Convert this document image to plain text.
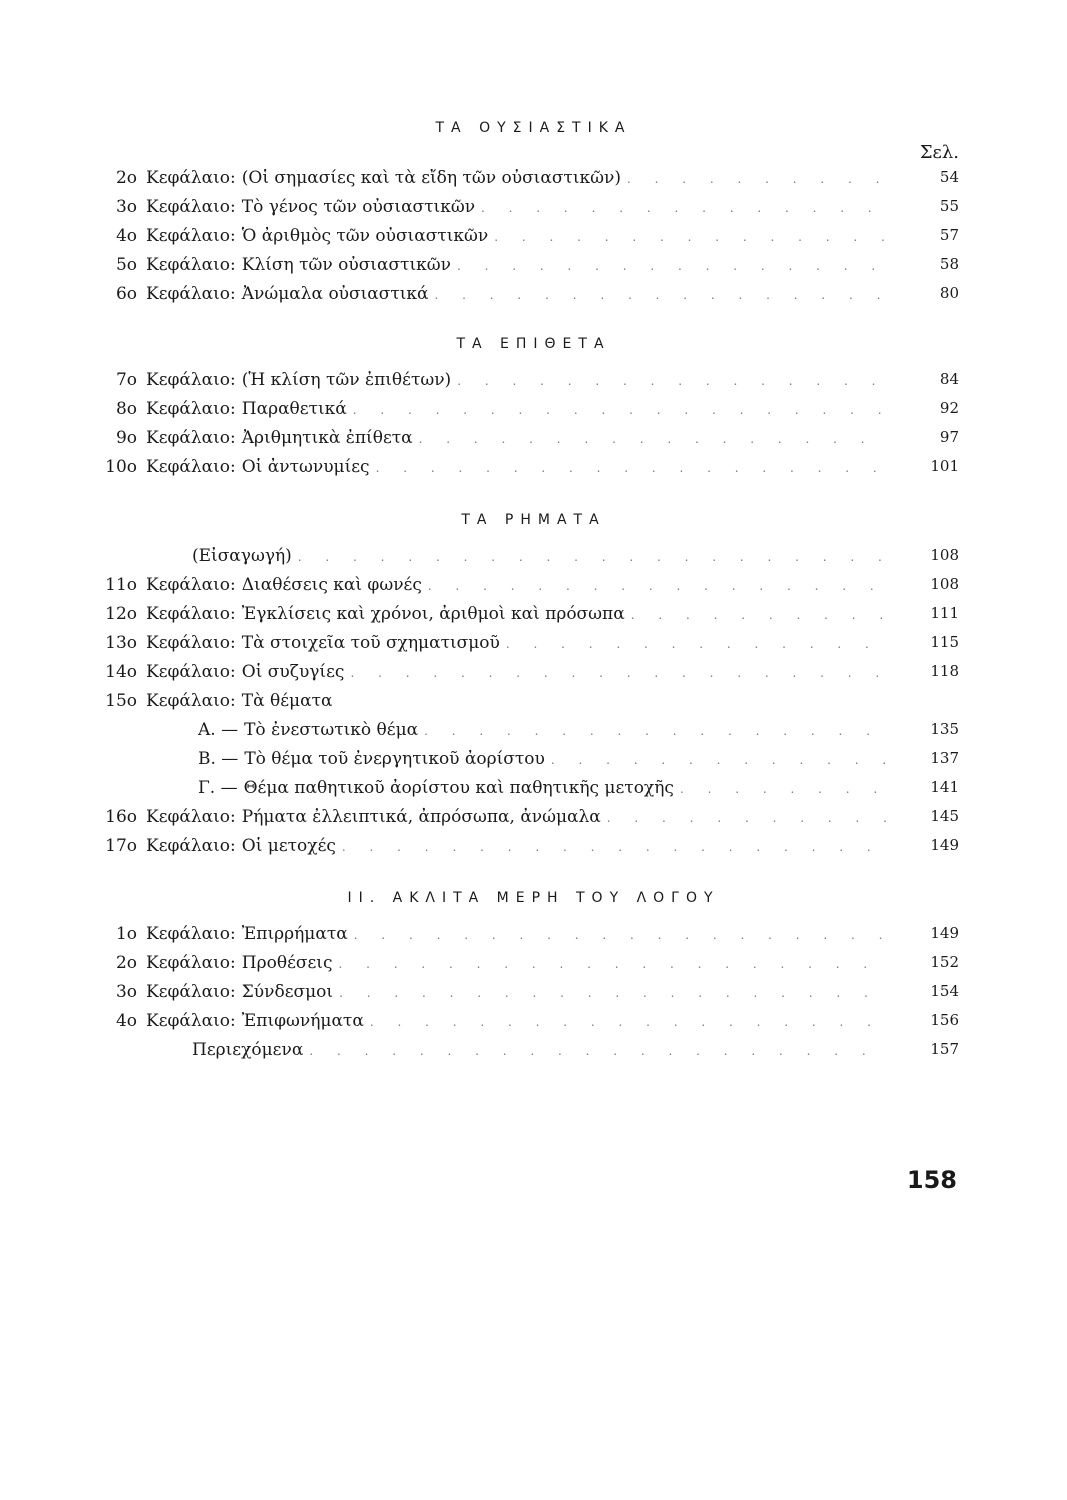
ΤΑ ΟΥΣΙΑΣΤΙΚΑ
Σελ.
2ο Κεφάλαιο: (Οἱ σημασίες καὶ τὰ εἴδη τῶν οὐσιαστικῶν) . . .	54
3ο Κεφάλαιο: Τὸ γένος τῶν οὐσιαστικῶν . . .	55
4ο Κεφάλαιο: Ὁ ἀριθμὸς τῶν οὐσιαστικῶν . . .	57
5ο Κεφάλαιο: Κλίση τῶν οὐσιαστικῶν . . .	58
6ο Κεφάλαιο: Ἀνώμαλα οὐσιαστικά . . .	80
ΤΑ ΕΠΙΘΕΤΑ
7ο Κεφάλαιο: (Ἡ κλίση τῶν ἐπιθέτων) . . .	84
8ο Κεφάλαιο: Παραθετικά . . .	92
9ο Κεφάλαιο: Ἀριθμητικὰ ἐπίθετα . . .	97
10ο Κεφάλαιο: Οἱ ἀντωνυμίες . . .	101
ΤΑ ΡΗΜΑΤΑ
(Εἰσαγωγή) . . .	108
11ο Κεφάλαιο: Διαθέσεις καὶ φωνές . . .	108
12ο Κεφάλαιο: Ἐγκλίσεις καὶ χρόνοι, ἀριθμοὶ καὶ πρόσωπα . . .	111
13ο Κεφάλαιο: Τὰ στοιχεῖα τοῦ σχηματισμοῦ . . .	115
14ο Κεφάλαιο: Οἱ συζυγίες . . .	118
15ο Κεφάλαιο: Τὰ θέματα
Α. — Τὸ ἐνεστωτικὸ θέμα . . .	135
Β. — Τὸ θέμα τοῦ ἐνεργητικοῦ ἀορίστου . . .	137
Γ. — Θέμα παθητικοῦ ἀορίστου καὶ παθητικῆς μετοχῆς . . .	141
16ο Κεφάλαιο: Ρήματα ἐλλειπτικά, ἀπρόσωπα, ἀνώμαλα . . .	145
17ο Κεφάλαιο: Οἱ μετοχές . . .	149
ΙΙ. ΑΚΛΙΤΑ ΜΕΡΗ ΤΟΥ ΛΟΓΟΥ
1ο Κεφάλαιο: Ἐπιρρήματα . . .	149
2ο Κεφάλαιο: Προθέσεις . . .	152
3ο Κεφάλαιο: Σύνδεσμοι . . .	154
4ο Κεφάλαιο: Ἐπιφωνήματα . . .	156
Περιεχόμενα . . .	157
158
